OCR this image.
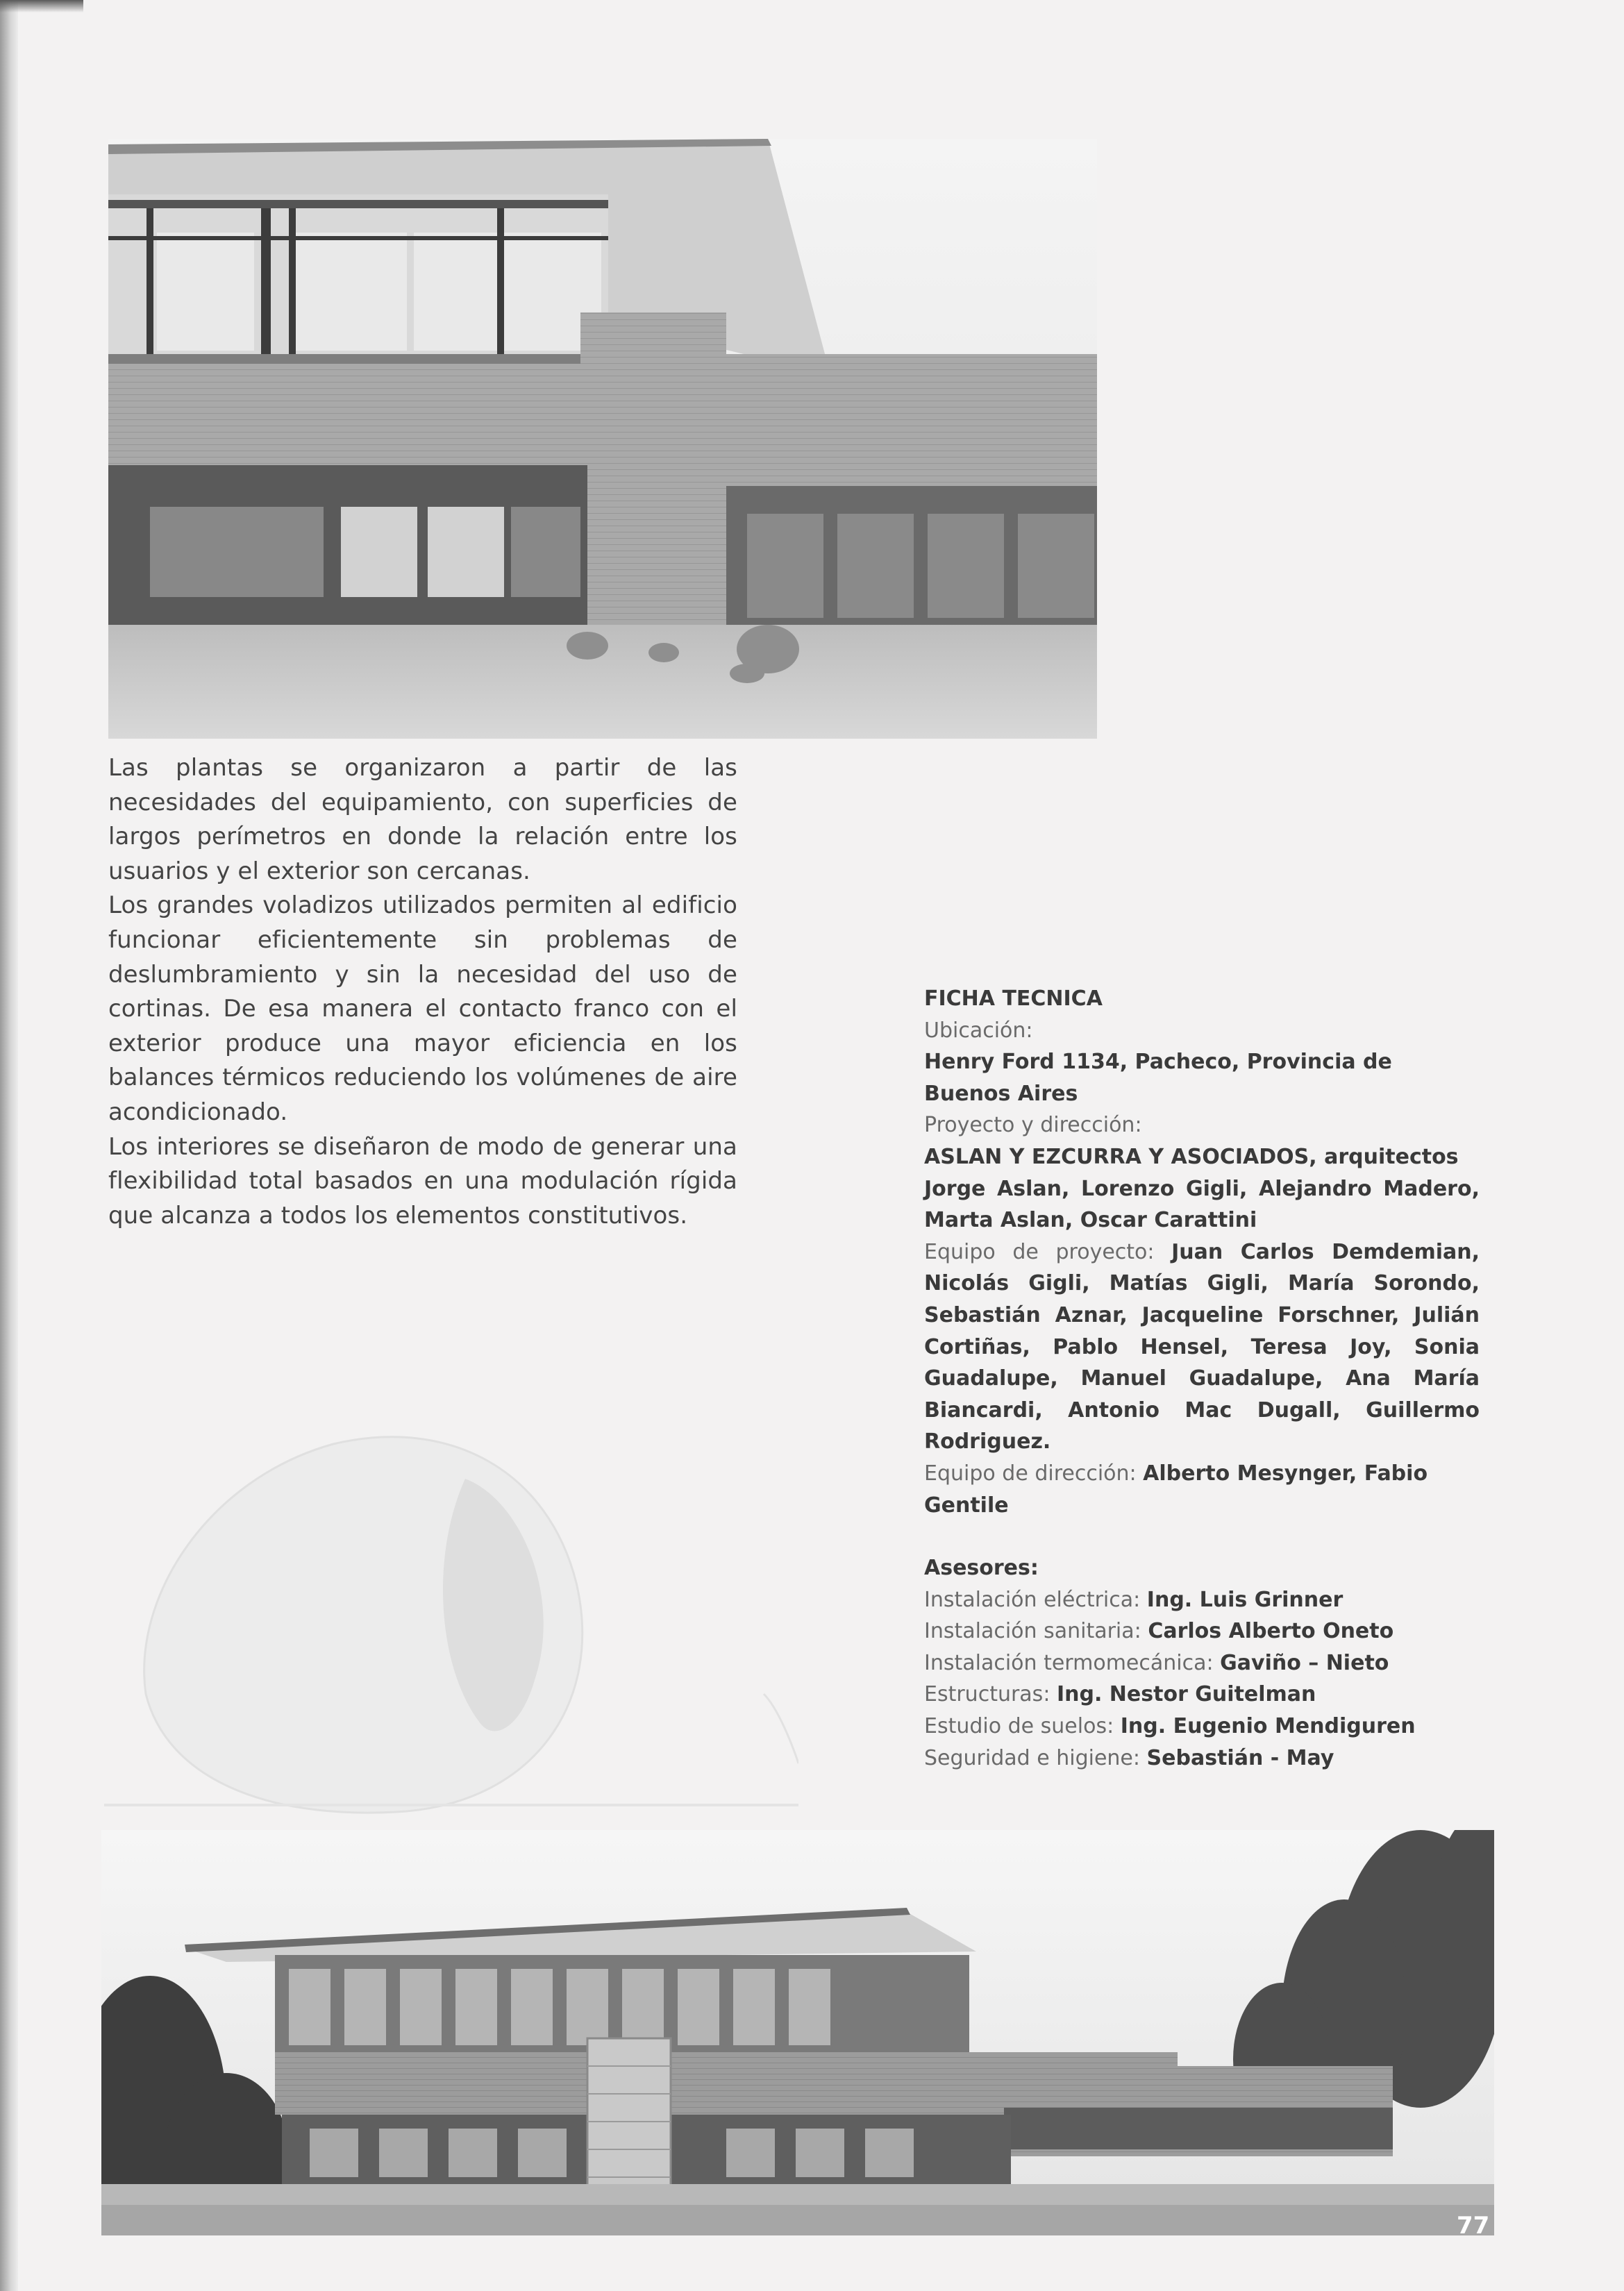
Las plantas se organizaron a partir de las necesidades del equipamiento, con superficies de largos perímetros en donde la relación entre los usuarios y el exterior son cercanas.

Los grandes voladizos utilizados permiten al edificio funcionar eficientemente sin problemas de deslumbramiento y sin la necesidad del uso de cortinas. De esa manera el contacto franco con el exterior produce una mayor eficiencia en los balances térmicos reduciendo los volúmenes de aire acondicionado.

Los interiores se diseñaron de modo de generar una flexibilidad total basados en una modulación rígida que alcanza a todos los elementos constitutivos.

FICHA TECNICA

Ubicación:

Henry Ford 1134, Pacheco, Provincia de Buenos Aires

Proyecto y dirección:

ASLAN Y EZCURRA Y ASOCIADOS, arquitectos

Jorge Aslan, Lorenzo Gigli, Alejandro Madero, Marta Aslan, Oscar Carattini

Equipo de proyecto: Juan Carlos Demdemian, Nicolás Gigli, Matías Gigli, María Sorondo, Sebastián Aznar, Jacqueline Forschner, Julián Cortiñas, Pablo Hensel, Teresa Joy, Sonia Guadalupe, Manuel Guadalupe, Ana María Biancardi, Antonio Mac Dugall, Guillermo Rodriguez.

Equipo de dirección: Alberto Mesynger, Fabio Gentile

Asesores:

Instalación eléctrica: Ing. Luis Grinner

Instalación sanitaria: Carlos Alberto Oneto

Instalación termomecánica: Gaviño – Nieto

Estructuras: Ing. Nestor Guitelman

Estudio de suelos: Ing. Eugenio Mendiguren

Seguridad e higiene: Sebastián - May

77
